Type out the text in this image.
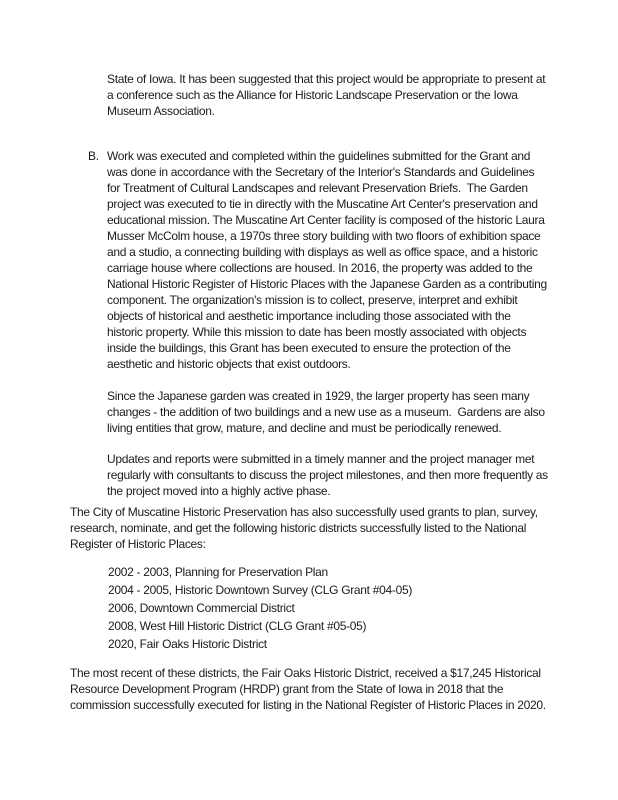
State of Iowa. It has been suggested that this project would be appropriate to present at a conference such as the Alliance for Historic Landscape Preservation or the Iowa Museum Association.

B. Work was executed and completed within the guidelines submitted for the Grant and was done in accordance with the Secretary of the Interior's Standards and Guidelines for Treatment of Cultural Landscapes and relevant Preservation Briefs.  The Garden project was executed to tie in directly with the Muscatine Art Center's preservation and educational mission. The Muscatine Art Center facility is composed of the historic Laura Musser McColm house, a 1970s three story building with two floors of exhibition space and a studio, a connecting building with displays as well as office space, and a historic carriage house where collections are housed. In 2016, the property was added to the National Historic Register of Historic Places with the Japanese Garden as a contributing component. The organization's mission is to collect, preserve, interpret and exhibit objects of historical and aesthetic importance including those associated with the historic property. While this mission to date has been mostly associated with objects inside the buildings, this Grant has been executed to ensure the protection of the aesthetic and historic objects that exist outdoors.

Since the Japanese garden was created in 1929, the larger property has seen many changes - the addition of two buildings and a new use as a museum.  Gardens are also living entities that grow, mature, and decline and must be periodically renewed.

Updates and reports were submitted in a timely manner and the project manager met regularly with consultants to discuss the project milestones, and then more frequently as the project moved into a highly active phase.

The City of Muscatine Historic Preservation has also successfully used grants to plan, survey, research, nominate, and get the following historic districts successfully listed to the National Register of Historic Places:

2002 - 2003, Planning for Preservation Plan
2004 - 2005, Historic Downtown Survey (CLG Grant #04-05)
2006, Downtown Commercial District
2008, West Hill Historic District (CLG Grant #05-05)
2020, Fair Oaks Historic District

The most recent of these districts, the Fair Oaks Historic District, received a $17,245 Historical Resource Development Program (HRDP) grant from the State of Iowa in 2018 that the commission successfully executed for listing in the National Register of Historic Places in 2020.
